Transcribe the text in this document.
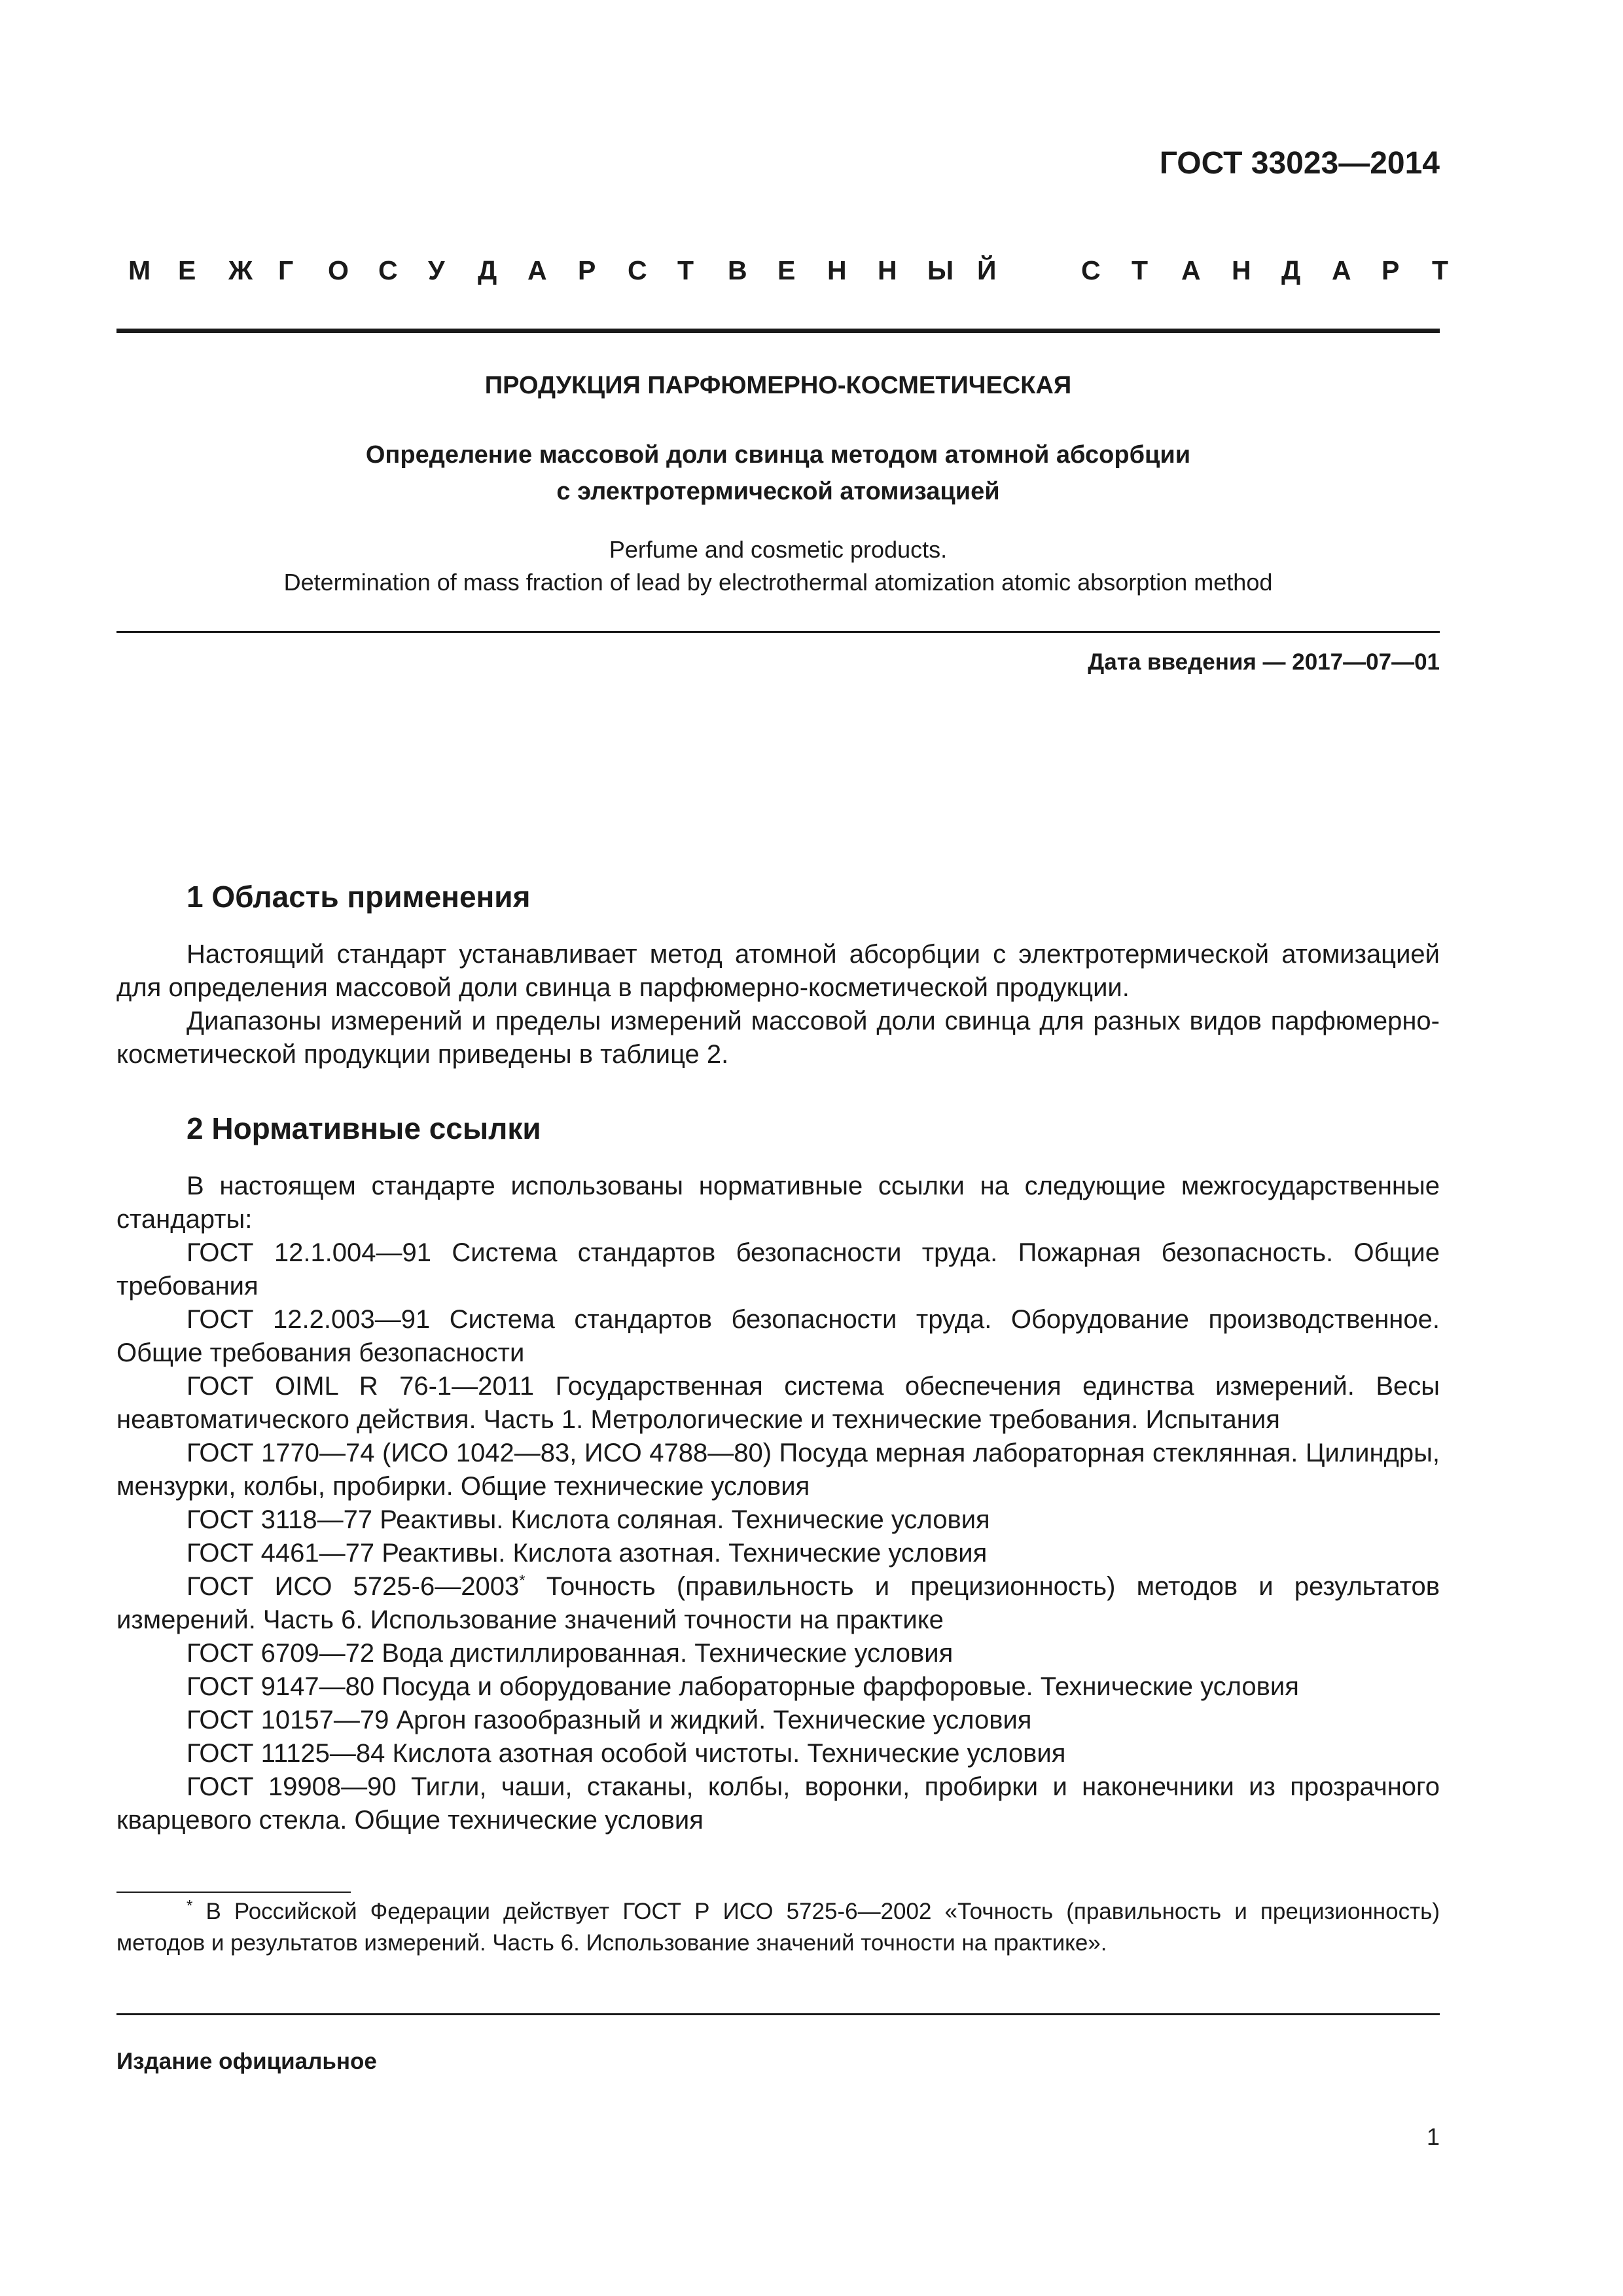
ГОСТ 33023—2014
М Е Ж Г О С У Д А Р С Т В Е Н Н Ы Й	С Т А Н Д А Р Т
ПРОДУКЦИЯ ПАРФЮМЕРНО-КОСМЕТИЧЕСКАЯ
Определение массовой доли свинца методом атомной абсорбции
с электротермической атомизацией
Perfume and cosmetic products.
Determination of mass fraction of lead by electrothermal atomization atomic absorption method
Дата введения — 2017—07—01
1 Область применения

Настоящий стандарт устанавливает метод атомной абсорбции с электротермической атомизацией для определения массовой доли свинца в парфюмерно-косметической продукции.

Диапазоны измерений и пределы измерений массовой доли свинца для разных видов парфюмерно-косметической продукции приведены в таблице 2.

2 Нормативные ссылки

В настоящем стандарте использованы нормативные ссылки на следующие межгосударственные стандарты:

ГОСТ 12.1.004—91 Система стандартов безопасности труда. Пожарная безопасность. Общие требования

ГОСТ 12.2.003—91 Система стандартов безопасности труда. Оборудование производственное. Общие требования безопасности

ГОСТ OIML R 76-1—2011 Государственная система обеспечения единства измерений. Весы неавтоматического действия. Часть 1. Метрологические и технические требования. Испытания

ГОСТ 1770—74 (ИСО 1042—83, ИСО 4788—80) Посуда мерная лабораторная стеклянная. Цилиндры, мензурки, колбы, пробирки. Общие технические условия

ГОСТ 3118—77 Реактивы. Кислота соляная. Технические условия

ГОСТ 4461—77 Реактивы. Кислота азотная. Технические условия

ГОСТ ИСО 5725-6—2003* Точность (правильность и прецизионность) методов и результатов измерений. Часть 6. Использование значений точности на практике

ГОСТ 6709—72 Вода дистиллированная. Технические условия

ГОСТ 9147—80 Посуда и оборудование лабораторные фарфоровые. Технические условия

ГОСТ 10157—79 Аргон газообразный и жидкий. Технические условия

ГОСТ 11125—84 Кислота азотная особой чистоты. Технические условия

ГОСТ 19908—90 Тигли, чаши, стаканы, колбы, воронки, пробирки и наконечники из прозрачного кварцевого стекла. Общие технические условия

* В Российской Федерации действует ГОСТ Р ИСО 5725-6—2002 «Точность (правильность и прецизионность) методов и результатов измерений. Часть 6. Использование значений точности на практике».

Издание официальное
1
